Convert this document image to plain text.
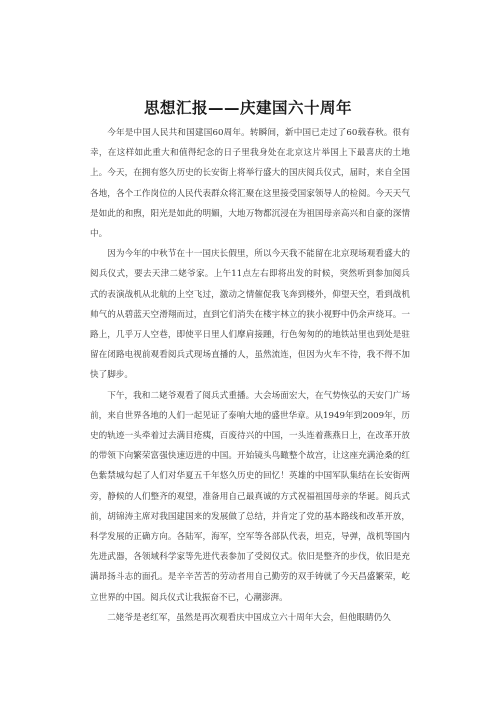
思想汇报——庆建国六十周年

今年是中国人民共和国建国60周年。转瞬间，新中国已走过了60载春秋。很有幸，在这样如此重大和值得纪念的日子里我身处在北京这片举国上下最喜庆的土地上。今天，在拥有悠久历史的长安街上将举行盛大的国庆阅兵仪式，届时，来自全国各地，各个工作岗位的人民代表群众将汇聚在这里接受国家领导人的检阅。今天天气是如此的和煦，阳光是如此的明媚，大地万物都沉浸在为祖国母亲高兴和自豪的深情中。

因为今年的中秋节在十一国庆长假里，所以今天我不能留在北京现场观看盛大的阅兵仪式，要去天津二姥爷家。上午11点左右即将出发的时候，突然听到参加阅兵式的表演战机从北航的上空飞过，激动之情催促我飞奔到楼外，仰望天空，看到战机帅气的从碧蓝天空滑翔而过，直到它们消失在楼宇林立的狭小视野中仍余声绕耳。一路上，几乎万人空巷，即使平日里人们摩肩接踵，行色匆匆的的地铁站里也到处是驻留在闭路电视前观看阅兵式现场直播的人，虽然流连，但因为火车不待，我不得不加快了脚步。

下午，我和二姥爷观看了阅兵式重播。大会场面宏大，在气势恢弘的天安门广场前，来自世界各地的人们一起见证了泰响大地的盛世华章。从1949年到2009年，历史的轨迹一头牵着过去满目疮痍，百废待兴的中国，一头连着燕燕日上，在改革开放的带领下向繁荣富强快速迈进的中国。开始镜头鸟瞰整个故宫，让这座充满沧桑的红色紫禁城勾起了人们对华夏五千年悠久历史的回忆！英雄的中国军队集结在长安街两旁，静候的人们整齐的观望，准备用自己最真诚的方式祝福祖国母亲的华诞。阅兵式前，胡锦涛主席对我国建国来的发展做了总结，并肯定了党的基本路线和改革开放，科学发展的正确方向。各陆军，海军，空军等各部队代表，坦克，导弹，战机等国内先进武器，各领域科学家等先进代表参加了受阅仪式。依旧是整齐的步伐，依旧是充满昂扬斗志的面孔。是辛辛苦苦的劳动者用自己勤劳的双手铸就了今天昌盛繁荣，屹立世界的中国。阅兵仪式让我振奋不已，心潮澎湃。

二姥爷是老红军，虽然是再次观看庆中国成立六十周年大会，但他眼睛仍久
